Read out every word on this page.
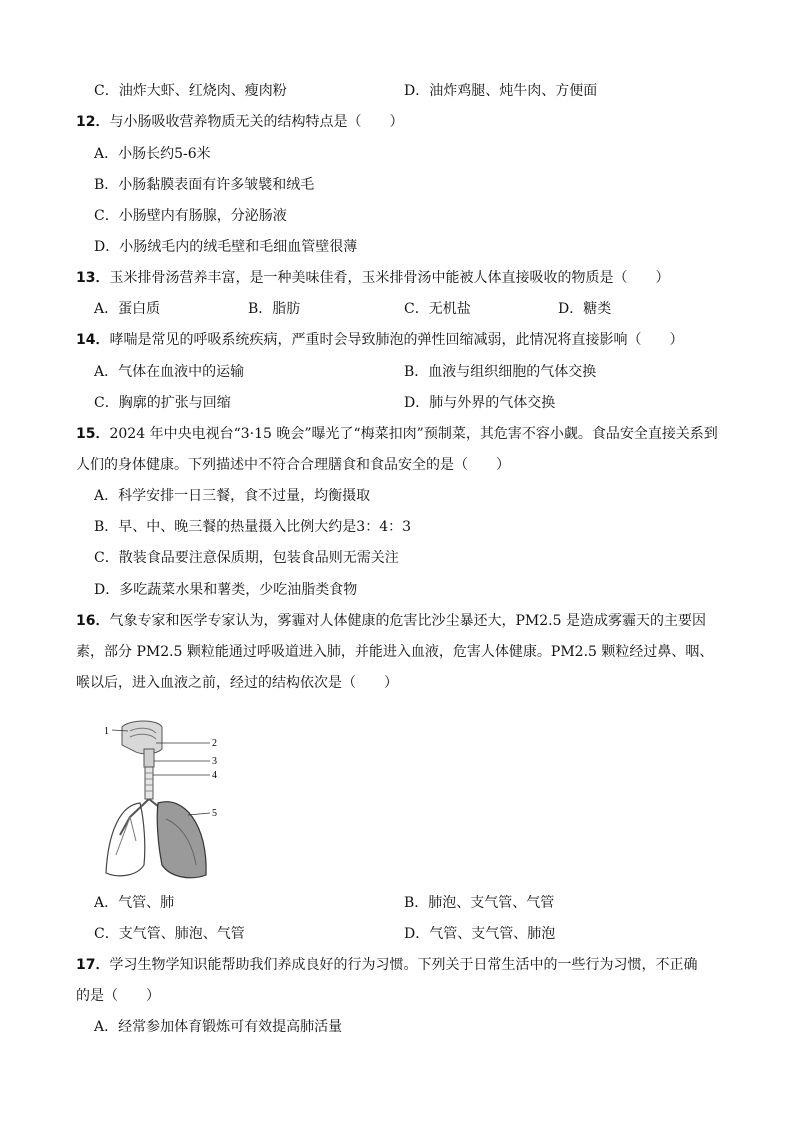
C．油炸大虾、红烧肉、瘦肉粉	D．油炸鸡腿、炖牛肉、方便面
12．与小肠吸收营养物质无关的结构特点是（　　）
A．小肠长约5-6米
B．小肠黏膜表面有许多皱襞和绒毛
C．小肠壁内有肠腺，分泌肠液
D．小肠绒毛内的绒毛壁和毛细血管壁很薄
13．玉米排骨汤营养丰富，是一种美味佳肴，玉米排骨汤中能被人体直接吸收的物质是（　　）
A．蛋白质	B．脂肪	C．无机盐	D．糖类
14．哮喘是常见的呼吸系统疾病，严重时会导致肺泡的弹性回缩减弱，此情况将直接影响（　　）
A．气体在血液中的运输	B．血液与组织细胞的气体交换
C．胸廓的扩张与回缩	D．肺与外界的气体交换
15．2024 年中央电视台“3·15 晚会”曝光了“梅菜扣肉”预制菜，其危害不容小觑。食品安全直接关系到
人们的身体健康。下列描述中不符合合理膳食和食品安全的是（　　）
A．科学安排一日三餐，食不过量，均衡摄取
B．早、中、晚三餐的热量摄入比例大约是3：4：3
C．散装食品要注意保质期，包装食品则无需关注
D．多吃蔬菜水果和薯类，少吃油脂类食物
16．气象专家和医学专家认为，雾霾对人体健康的危害比沙尘暴还大，PM2.5 是造成雾霾天的主要因
素，部分 PM2.5 颗粒能通过呼吸道进入肺，并能进入血液，危害人体健康。PM2.5 颗粒经过鼻、咽、
喉以后，进入血液之前，经过的结构依次是（　　）
1
2
3
4
5
A．气管、肺	B．肺泡、支气管、气管
C．支气管、肺泡、气管	D．气管、支气管、肺泡
17．学习生物学知识能帮助我们养成良好的行为习惯。下列关于日常生活中的一些行为习惯，不正确
的是（　　）
A．经常参加体育锻炼可有效提高肺活量
